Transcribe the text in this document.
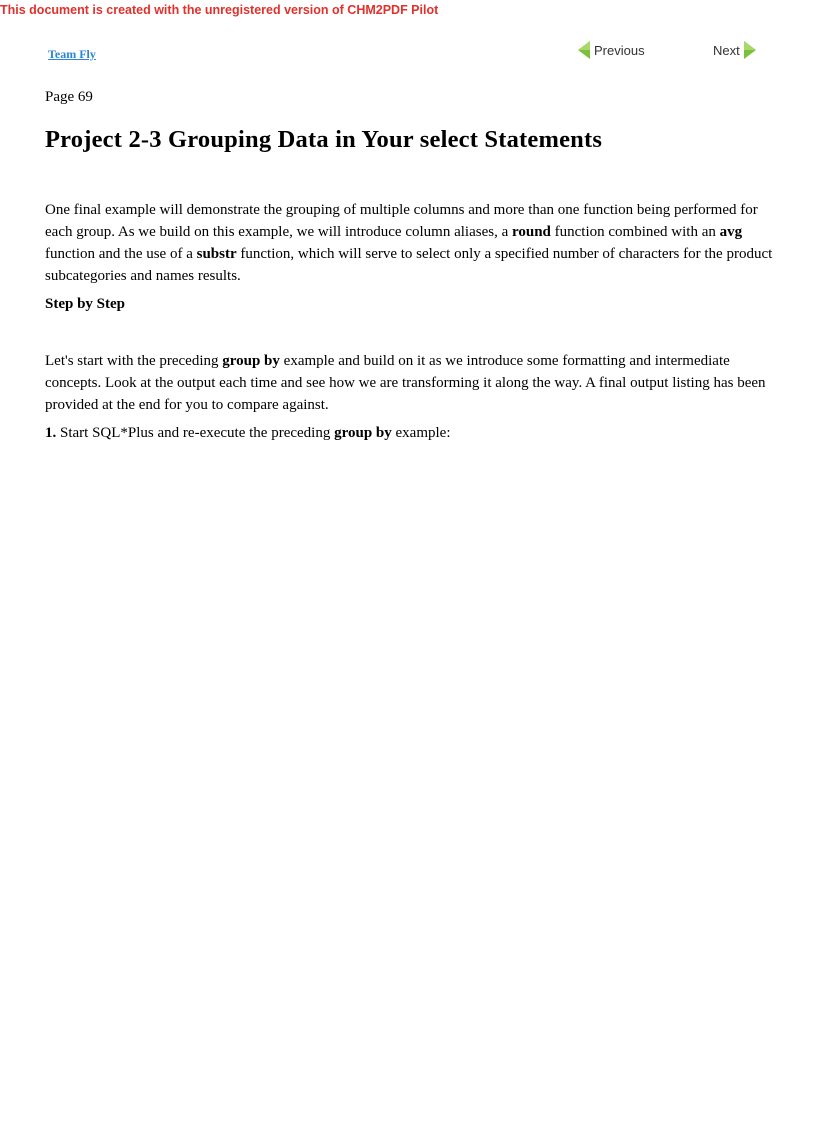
This document is created with the unregistered version of CHM2PDF Pilot
Team Fly	Previous	Next
Page 69
Project 2-3 Grouping Data in Your select Statements

One final example will demonstrate the grouping of multiple columns and more than one function being performed for each group. As we build on this example, we will introduce column aliases, a round function combined with an avg function and the use of a substr function, which will serve to select only a specified number of characters for the product subcategories and names results.

Step by Step

Let's start with the preceding group by example and build on it as we introduce some formatting and intermediate concepts. Look at the output each time and see how we are transforming it along the way. A final output listing has been provided at the end for you to compare against.

1. Start SQL*Plus and re-execute the preceding group by example:
